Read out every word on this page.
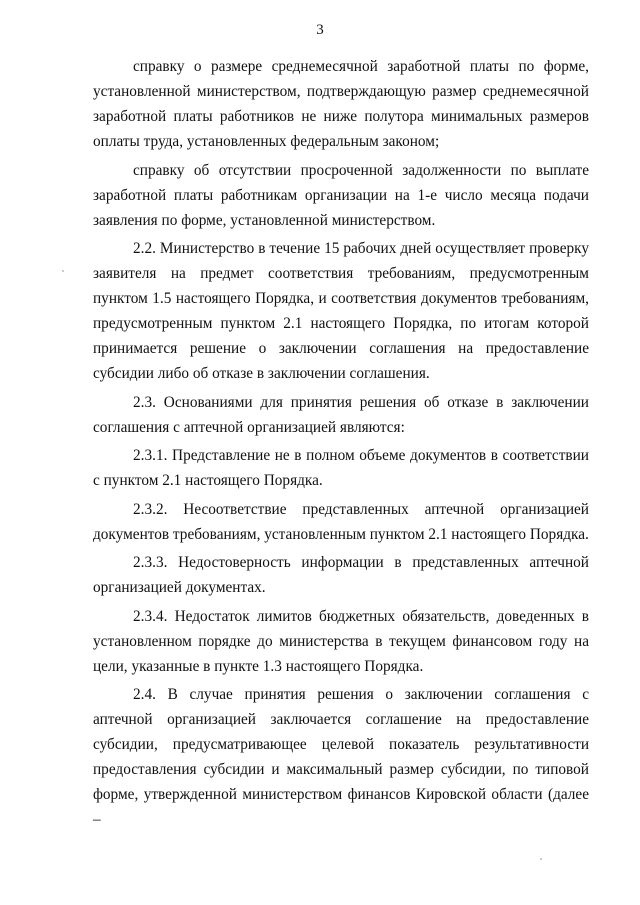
3

справку о размере среднемесячной заработной платы по форме, установленной министерством, подтверждающую размер среднемесячной заработной платы работников не ниже полутора минимальных размеров оплаты труда, установленных федеральным законом;

справку об отсутствии просроченной задолженности по выплате заработной платы работникам организации на 1-е число месяца подачи заявления по форме, установленной министерством.

2.2. Министерство в течение 15 рабочих дней осуществляет проверку заявителя на предмет соответствия требованиям, предусмотренным пунктом 1.5 настоящего Порядка, и соответствия документов требованиям, предусмотренным пунктом 2.1 настоящего Порядка, по итогам которой принимается решение о заключении соглашения на предоставление субсидии либо об отказе в заключении соглашения.

2.3. Основаниями для принятия решения об отказе в заключении соглашения с аптечной организацией являются:

2.3.1. Представление не в полном объеме документов в соответствии с пунктом 2.1 настоящего Порядка.

2.3.2. Несоответствие представленных аптечной организацией документов требованиям, установленным пунктом 2.1 настоящего Порядка.

2.3.3. Недостоверность информации в представленных аптечной организацией документах.

2.3.4. Недостаток лимитов бюджетных обязательств, доведенных в установленном порядке до министерства в текущем финансовом году на цели, указанные в пункте 1.3 настоящего Порядка.

2.4. В случае принятия решения о заключении соглашения с аптечной организацией заключается соглашение на предоставление субсидии, предусматривающее целевой показатель результативности предоставления субсидии и максимальный размер субсидии, по типовой форме, утвержденной министерством финансов Кировской области (далее –
